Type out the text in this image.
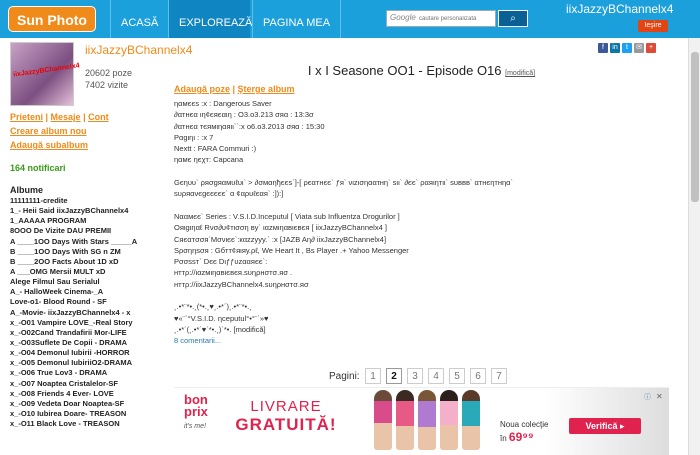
Sun Photo	ACASĂ	EXPLOREAZĂ PAGINA MEA	Google
cǎutare personalizatǎ	⌕
iixJazzyBChannelx4
Ieşire
iixJazzyBChannelx4
iixJazzyBChannelx4
20602 poze
7402 vizite
Prieteni | Mesaje | Cont
Creare album nou
Adaugă subalbum
164 notificari
Albume
11111111-credite
1_- Heii Said iixJazzyBChannelx4
1_AAAAA PROGRAM
8OOO De Vizite DAU PREMII
A ____1OO Days With Stars _____A
B ____1OO Days With SG n ZM
B ____2OO Facts About 1D xD
A ___OMG Mersii MULT xD
Alege Filmul Sau Serialul
A_- HalloWeek Cinema-_A
Love-o1- Blood Round - SF
A_-Movie- iixJazzyBChannelx4 - x
x_-O01 Vampire LOVE_-Real Story
x_-O02Cand Trandafirii Mor-LIFE
x_-O03Suflete De Copii - DRAMA
x_-O04 Demonul Iubirii -HORROR
x_-O05 Demonul IubiriiO2-DRAMA
x_-O06 True Lov3 - DRAMA
x_-O07 Noaptea Cristalelor-SF
x_-O08 Friends 4 Ever- LOVE
x_-O09 Vedeta Doar Noaptea-SF
x_-O10 Iubirea Doare- TREASON
x_-O11 Black Love - TREASON
f in t ✉ +
I x I Seasone OO1 - Episode O16 [modifică]
Adaugă poze | Şterge album
ηαмєєѕ :x : Dangerous Saver
∂αтнєα ιη¢єяєαιη : O3.o3.213 σяα : 13:3σ
∂αтнєα тєямιηαяιι``:x o6.o3.2013 σяα : 15:30
Pαgιηι : :x 7
Nextt : FARA Commuri :)
ηαмє ηєχт: Capcana
Gєηυυ` ρяσgяαмυℓυι` > ∂σмαηђєєѕ`]-[ ρєαтнєє` ƒя` νιzισηαατнη` ѕιι` ∂єє` ραяιηтιι` ѕυввв` αтнєηтнηα` ѕυρяανєgєєєєє` α ¢αρυℓєαя` :]):]
Nααмєє` Series : V.S.I.D.Inceputul [ Viata sub Influentza Drogurilor ]
Oяιgιηαℓ Rνσ∂υ¢тισση ву` ιαzмιηαвιєвєя [ iixJazzyBChannelx4 ]
Cяєαтσσя`Mσνιєє`:кαzzyyy.` :x [JAZB Aη∂ iixJazzyBChannelx4]
Sρσηηѕσя : Gбтт¢яιяу.ρℓ, We Heart It , Bs Player .+ Yahoo Messenger
Pσσѕѕт` Dєє Dιƒƒυzααяєє`:
нттρ://ιαzмιηαвιєвєя.ѕυηρнσтσ.яσ .
нттρ://iixJazzyBChannelx4.ѕυηρнσтσ.яσ
¸.•*¨*•.¸(*•.¸♥¸.•*´)¸.•*¨*•.¸
♥«¨`°V.S.I.D. ηceputul°•°¨`»♥
¸.•*´(¸.•*´♥`*•.¸)`*•. [modifică]
8 comentarii...
Pagini:	1	2	3	4	5	6	7
bon prix
it's me!
LIVRARE
GRATUITĂ!	Noua colecţie
în 69⁹⁹
Verifică ▸
ⓘ ✕
